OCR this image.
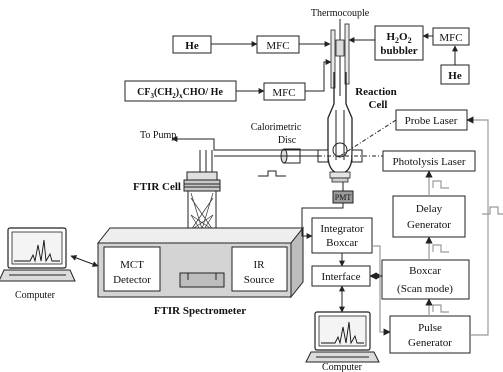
Thermocouple
He	MFC
$H_2O_2$
bubbler
MFC
He
$CF_3(CH_2)_xCHO/$ He	MFC	Reaction
Cell
PMT
Probe Laser
Photolysis Laser
Calorimetric
Disc
To Pump
FTIR Cell
MCT
Detector
IR
Source
FTIR Spectrometer
Computer
Integrator
Boxcar
Interface
Delay
Generator
Boxcar
(Scan mode)
Pulse
Generator
Computer
